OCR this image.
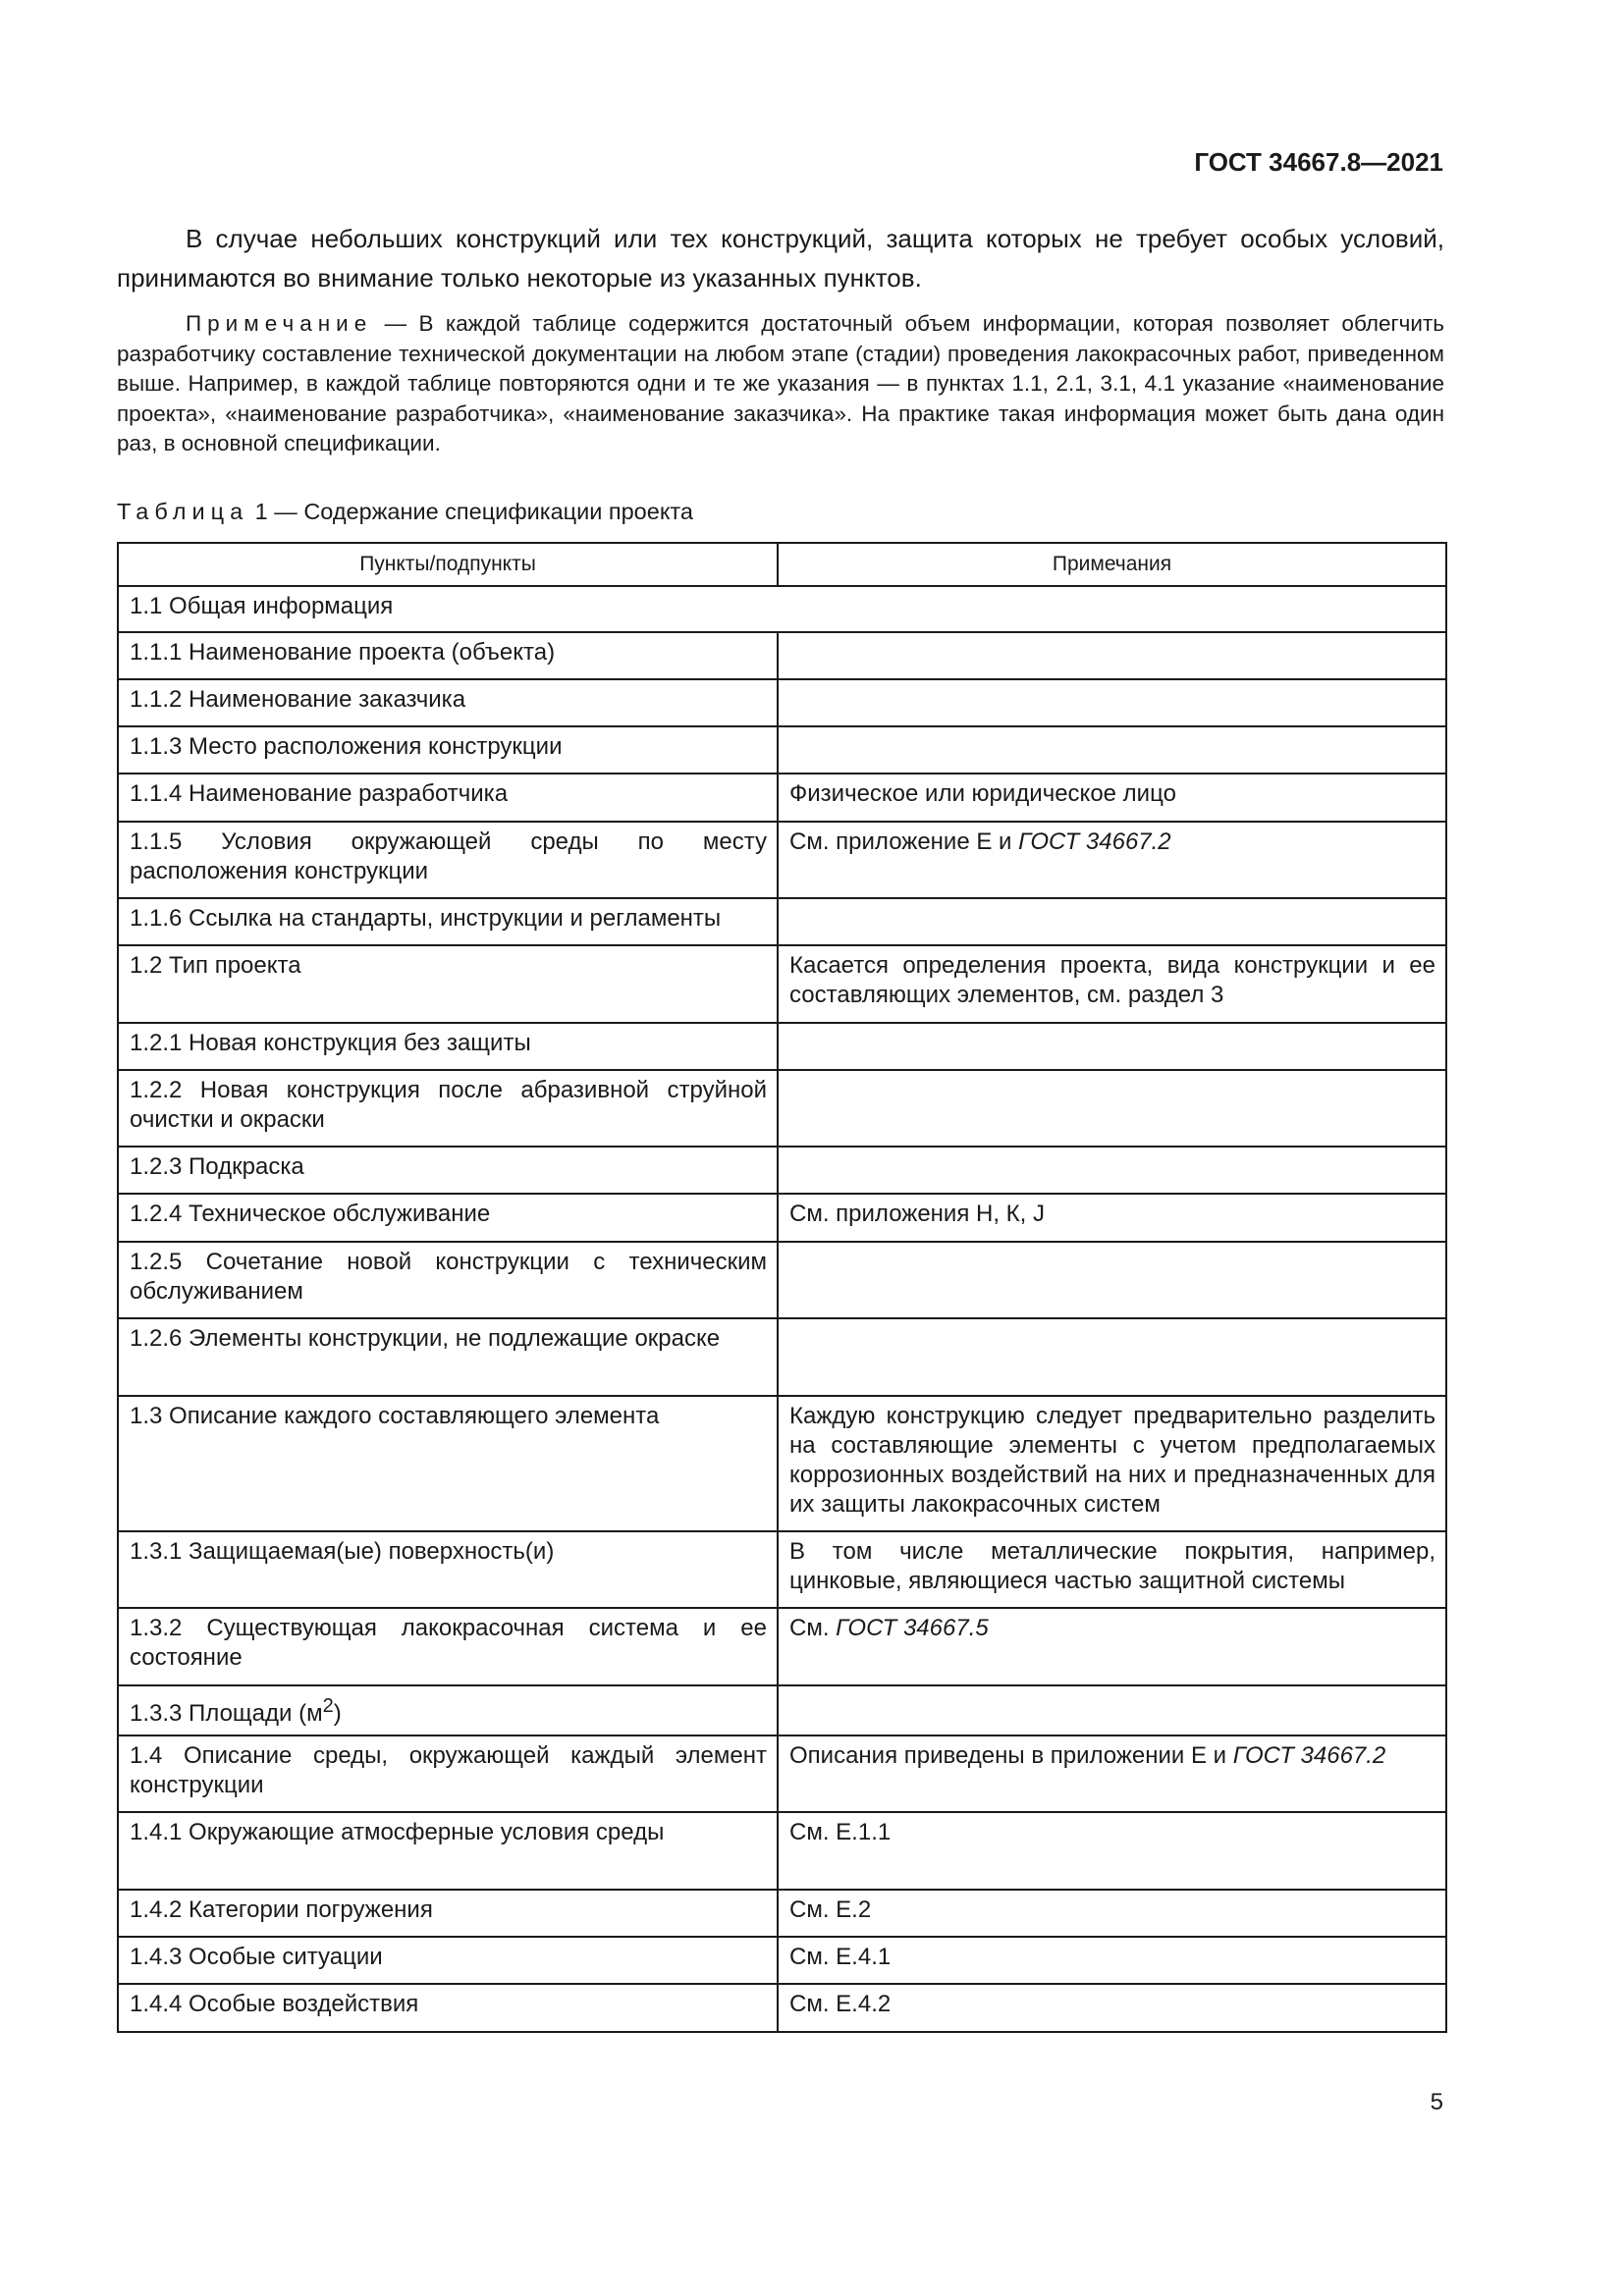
ГОСТ 34667.8—2021

В случае небольших конструкций или тех конструкций, защита которых не требует особых условий, принимаются во внимание только некоторые из указанных пунктов.

Примечание — В каждой таблице содержится достаточный объем информации, которая позволяет облегчить разработчику составление технической документации на любом этапе (стадии) проведения лакокрасочных работ, приведенном выше. Например, в каждой таблице повторяются одни и те же указания — в пунктах 1.1, 2.1, 3.1, 4.1 указание «наименование проекта», «наименование разработчика», «наименование заказчика». На практике такая информация может быть дана один раз, в основной спецификации.

Таблица 1 — Содержание спецификации проекта
Пункты/подпункты	Примечания
1.1 Общая информация	
1.1.1 Наименование проекта (объекта)	
1.1.2 Наименование заказчика	
1.1.3 Место расположения конструкции	
1.1.4 Наименование разработчика	Физическое или юридическое лицо
1.1.5 Условия окружающей среды по месту расположения конструкции	См. приложение Е и ГОСТ 34667.2
1.1.6 Ссылка на стандарты, инструкции и регламенты	
1.2 Тип проекта	Касается определения проекта, вида конструкции и ее составляющих элементов, см. раздел 3
1.2.1 Новая конструкция без защиты	
1.2.2 Новая конструкция после абразивной струйной очистки и окраски	
1.2.3 Подкраска	
1.2.4 Техническое обслуживание	См. приложения Н, К, J
1.2.5 Сочетание новой конструкции с техническим обслуживанием	
1.2.6 Элементы конструкции, не подлежащие окраске	
1.3 Описание каждого составляющего элемента	Каждую конструкцию следует предварительно разделить на составляющие элементы с учетом предполагаемых коррозионных воздействий на них и предназначенных для их защиты лакокрасочных систем
1.3.1 Защищаемая(ые) поверхность(и)	В том числе металлические покрытия, например, цинковые, являющиеся частью защитной системы
1.3.2 Существующая лакокрасочная система и ее состояние	См. ГОСТ 34667.5
1.3.3 Площади $(м^2)$	
1.4 Описание среды, окружающей каждый элемент конструкции	Описания приведены в приложении Е и ГОСТ 34667.2
1.4.1 Окружающие атмосферные условия среды	См. Е.1.1
1.4.2 Категории погружения	См. Е.2
1.4.3 Особые ситуации	См. Е.4.1
1.4.4 Особые воздействия	См. Е.4.2
5
